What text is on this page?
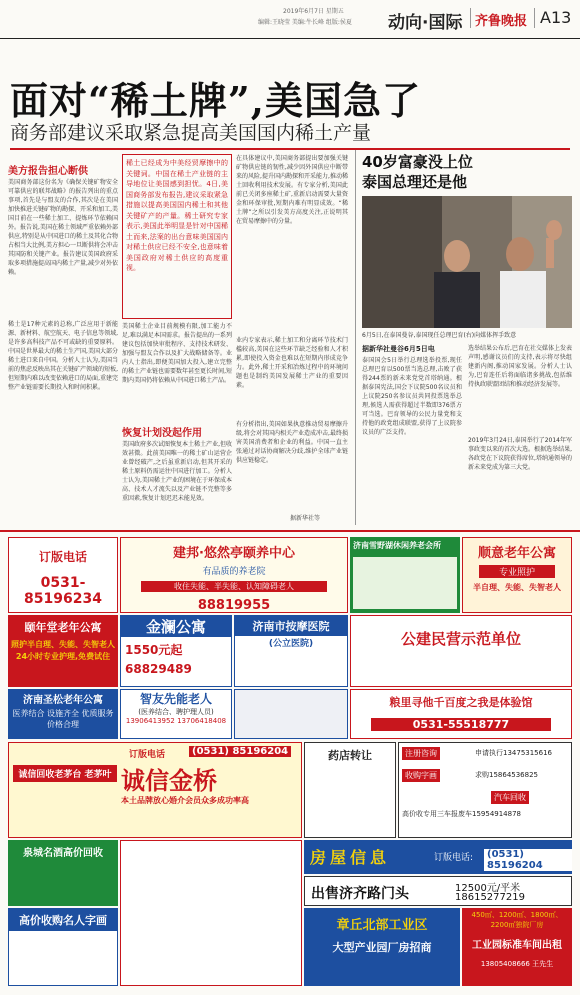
2019年6月7日 星期五
编辑:王晓莹 美编:牛长峰 组版:侯夏 动向·国际 齐鲁晚报 A13
面对“稀土牌”,美国急了
商务部建议采取紧急提高美国国内稀土产量
美方报告担心断供
美国商务部这份名为《确保关键矿物安全可靠供应的联邦战略》的报告列出的重点事项,首先是与盟友的合作,其次是在美国加快推进关键矿物的勘探、开采和加工,美国目前在一些稀土加工、提炼环节依赖国外。报告说,美国在稀土领域严重依赖外部供应,特别是从中国进口的稀土及其化合物占相当大比例,美方担心一旦断供将会冲击其国防和关键产业。报告建议美国政府采取多项措施提高国内稀土产量,减少对外依赖。
稀土是17种元素的总称,广泛应用于新能源、新材料、航空航天、电子信息等领域,是许多高科技产品不可或缺的重要原料。中国是世界最大的稀土生产国,美国大部分稀土进口来自中国。分析人士认为,美国当前的焦虑反映出其在关键矿产领域的短板,但短期内难以改变依赖进口的局面,重建完整产业链需要长期投入和时间积累。
稀土已经成为中美经贸摩擦中的关键词。中国在稀土产业链的主导地位让美国感到担忧。4日,美国商务部发布报告,建议采取紧急措施以提高美国国内稀土和其他关键矿产的产量。稀土研究专家表示,美国此举明显是针对中国稀土而来,法案的出台意味美国国内对稀土供应已经不安全,也意味着美国政府对稀土供应的高度重视。
美国稀土企业目前规模有限,加工能力不足,难以满足本国需求。报告提出的一系列建议包括加快审批程序、支持技术研发、加强与盟友合作以及扩大战略储备等。业内人士指出,即便美国加大投入,建立完整的稀土产业链也需要数年甚至更长时间,短期内美国仍将依赖从中国进口稀土产品。
恢复计划没起作用
美国政府多次试图恢复本土稀土产业,但收效甚微。此前美国唯一的稀土矿山运营企业曾经破产,之后虽重新启动,但其开采的稀土原料仍需运往中国进行加工。分析人士认为,美国稀土产业的困境在于环保成本高、技术人才流失以及产业链不完整等多重因素,恢复计划迟迟未能见效。
在具体建议中,美国商务部提出要加强关键矿物供应链的韧性,减少因外国供应中断带来的风险,提升国内勘探和开采能力,推动稀土回收利用技术发展。有专家分析,美国此前已关闭多座稀土矿,重新启动需要大量资金和环保审批,短期内难有明显成效。“稀土牌”之所以引发美方高度关注,正说明其在贸易摩擦中的分量。
业内专家表示,稀土加工和分离环节技术门槛较高,美国在这些环节缺乏经验和人才积累,即使投入资金也难以在短期内形成竞争力。此外,稀土开采和冶炼过程中的环境问题也是制约美国发展稀土产业的重要因素。
有分析指出,美国如果执意推动贸易摩擦升级,将会对其国内相关产业造成冲击,最终损害美国消费者和企业的利益。中国一直主张通过对话协商解决分歧,维护全球产业链供应链稳定。
据新华社等
40岁富豪没上位
泰国总理还是他
6月5日,在泰国曼谷,泰国现任总理巴育(右)向媒体挥手致意
据新华社曼谷6月5日电
泰国国会5日举行总理选举投票,现任总理巴育以500票当选总理,击败了获得244票的新未来党党首塔纳通。根据泰国宪法,国会下议院500名议员和上议院250名参议员共同投票选举总理,候选人需获得超过半数即376票方可当选。巴育领导的公民力量党和支持他的政党组成联盟,获得了上议院参议员的广泛支持。
选举结果公布后,巴育在社交媒体上发表声明,感谢议员们的支持,表示将尽快组建新内阁,推动国家发展。分析人士认为,巴育连任后将面临诸多挑战,包括维持执政联盟团结和推动经济发展等。
2019年3月24日,泰国举行了2014年军事政变以来的首次大选。根据选举结果,各政党在下议院获得席位,塔纳通领导的新未来党成为第三大党。
订版电话
0531-85196234
建邦·悠然亭颐养中心
有品质的养老院
收住失能、半失能、认知障碍老人
88819955
济南雪野湖休闲养老会所
顺意老年公寓
专业照护
半自理、失能、失智老人
颐年堂老年公寓
照护半自理、失能、失智老人 24小时专业护理,免费试住
金澜公寓
1550元起
68829489
济南市按摩医院
(公立医院)	公建民营示范单位
济南圣松老年公寓
医养结合 设施齐全 优质服务 价格合理
智友先能老人
(医养结合、聘护理人员)
13906413952 13706418408
粮里寻他千百度之我是体验馆
0531-55518777
订版电话	(0531) 85196204
诚信金桥
本土品牌放心婚介会员众多成功率高
诚信回收老茅台 老茅叶
药店转让	注册咨询	申请执行13475315616
收购字画	求购15864536825
汽车回收
高价收专用三车报废车15954914878
泉城名酒高价回收
高价收购名人字画
房屋信息	订版电话:	(0531) 85196204
出售济齐路门头	12500元/平米
18615277219
章丘北部工业区
大型产业园厂房招商
450㎡、1200㎡、1800㎡、2200㎡独院厂房
工业园标准车间出租
13805408666 王先生
